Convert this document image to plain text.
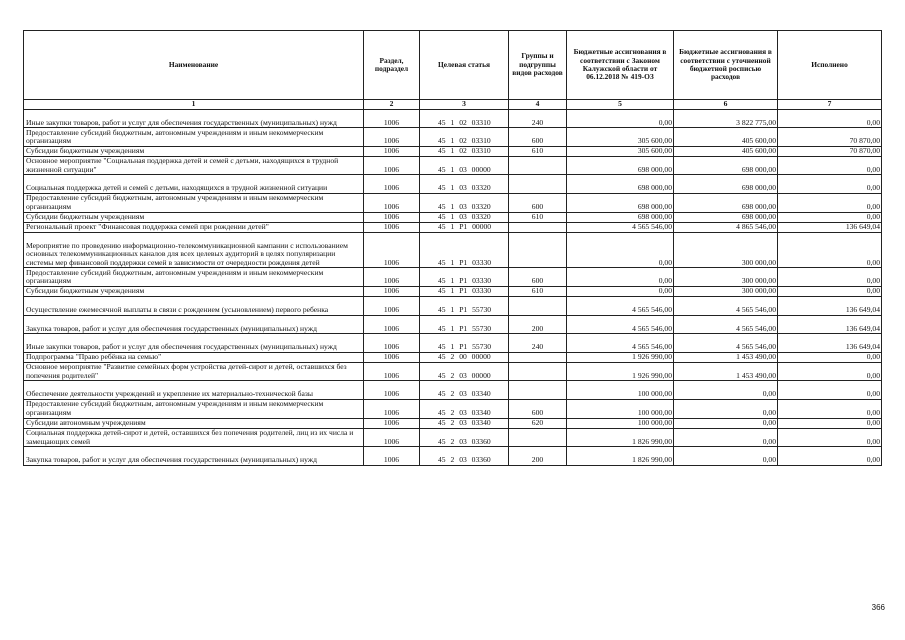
Наименование	Раздел, подраздел	Целевая статья	Группы и подгруппы видов расходов	Бюджетные ассигнования в соответствии с Законом Калужской области от 06.12.2018 № 419-ОЗ	Бюджетные ассигнования в соответствии с уточненной бюджетной росписью расходов	Исполнено
1	2	3	4	5	6	7
Иные закупки товаров, работ и услуг для обеспечения государственных (муниципальных) нужд	1006	45 1 02 03310	240	0,00	3 822 775,00	0,00
Предоставление субсидий бюджетным, автономным учреждениям и иным некоммерческим организациям	1006	45 1 02 03310	600	305 600,00	405 600,00	70 870,00
Субсидии бюджетным учреждениям	1006	45 1 02 03310	610	305 600,00	405 600,00	70 870,00
Основное мероприятие "Социальная поддержка детей и семей с детьми, находящихся в трудной жизненной ситуации"	1006	45 1 03 00000		698 000,00	698 000,00	0,00
Социальная поддержка детей и семей с детьми, находящихся в трудной жизненной ситуации	1006	45 1 03 03320		698 000,00	698 000,00	0,00
Предоставление субсидий бюджетным, автономным учреждениям и иным некоммерческим организациям	1006	45 1 03 03320	600	698 000,00	698 000,00	0,00
Субсидии бюджетным учреждениям	1006	45 1 03 03320	610	698 000,00	698 000,00	0,00
Региональный проект "Финансовая поддержка семей при рождении детей"	1006	45 1 P1 00000		4 565 546,00	4 865 546,00	136 649,04
Мероприятие по проведению информационно-телекоммуникационной кампании с использованием основных телекоммуникационных каналов для всех целевых аудиторий в целях популяризации системы мер финансовой поддержки семей в зависимости от очередности рождения детей	1006	45 1 P1 03330		0,00	300 000,00	0,00
Предоставление субсидий бюджетным, автономным учреждениям и иным некоммерческим организациям	1006	45 1 P1 03330	600	0,00	300 000,00	0,00
Субсидии бюджетным учреждениям	1006	45 1 P1 03330	610	0,00	300 000,00	0,00
Осуществление ежемесячной выплаты в связи с рождением (усыновлением) первого ребенка	1006	45 1 P1 55730		4 565 546,00	4 565 546,00	136 649,04
Закупка товаров, работ и услуг для обеспечения государственных (муниципальных) нужд	1006	45 1 P1 55730	200	4 565 546,00	4 565 546,00	136 649,04
Иные закупки товаров, работ и услуг для обеспечения государственных (муниципальных) нужд	1006	45 1 P1 55730	240	4 565 546,00	4 565 546,00	136 649,04
Подпрограмма "Право ребёнка на семью"	1006	45 2 00 00000		1 926 990,00	1 453 490,00	0,00
Основное мероприятие "Развитие семейных форм устройства детей-сирот и детей, оставшихся без попечения родителей"	1006	45 2 03 00000		1 926 990,00	1 453 490,00	0,00
Обеспечение деятельности учреждений и укрепление их материально-технической базы	1006	45 2 03 03340		100 000,00	0,00	0,00
Предоставление субсидий бюджетным, автономным учреждениям и иным некоммерческим организациям	1006	45 2 03 03340	600	100 000,00	0,00	0,00
Субсидии автономным учреждениям	1006	45 2 03 03340	620	100 000,00	0,00	0,00
Социальная поддержка детей-сирот и детей, оставшихся без попечения родителей, лиц из их числа и замещающих семей	1006	45 2 03 03360		1 826 990,00	0,00	0,00
Закупка товаров, работ и услуг для обеспечения государственных (муниципальных) нужд	1006	45 2 03 03360	200	1 826 990,00	0,00	0,00
366
